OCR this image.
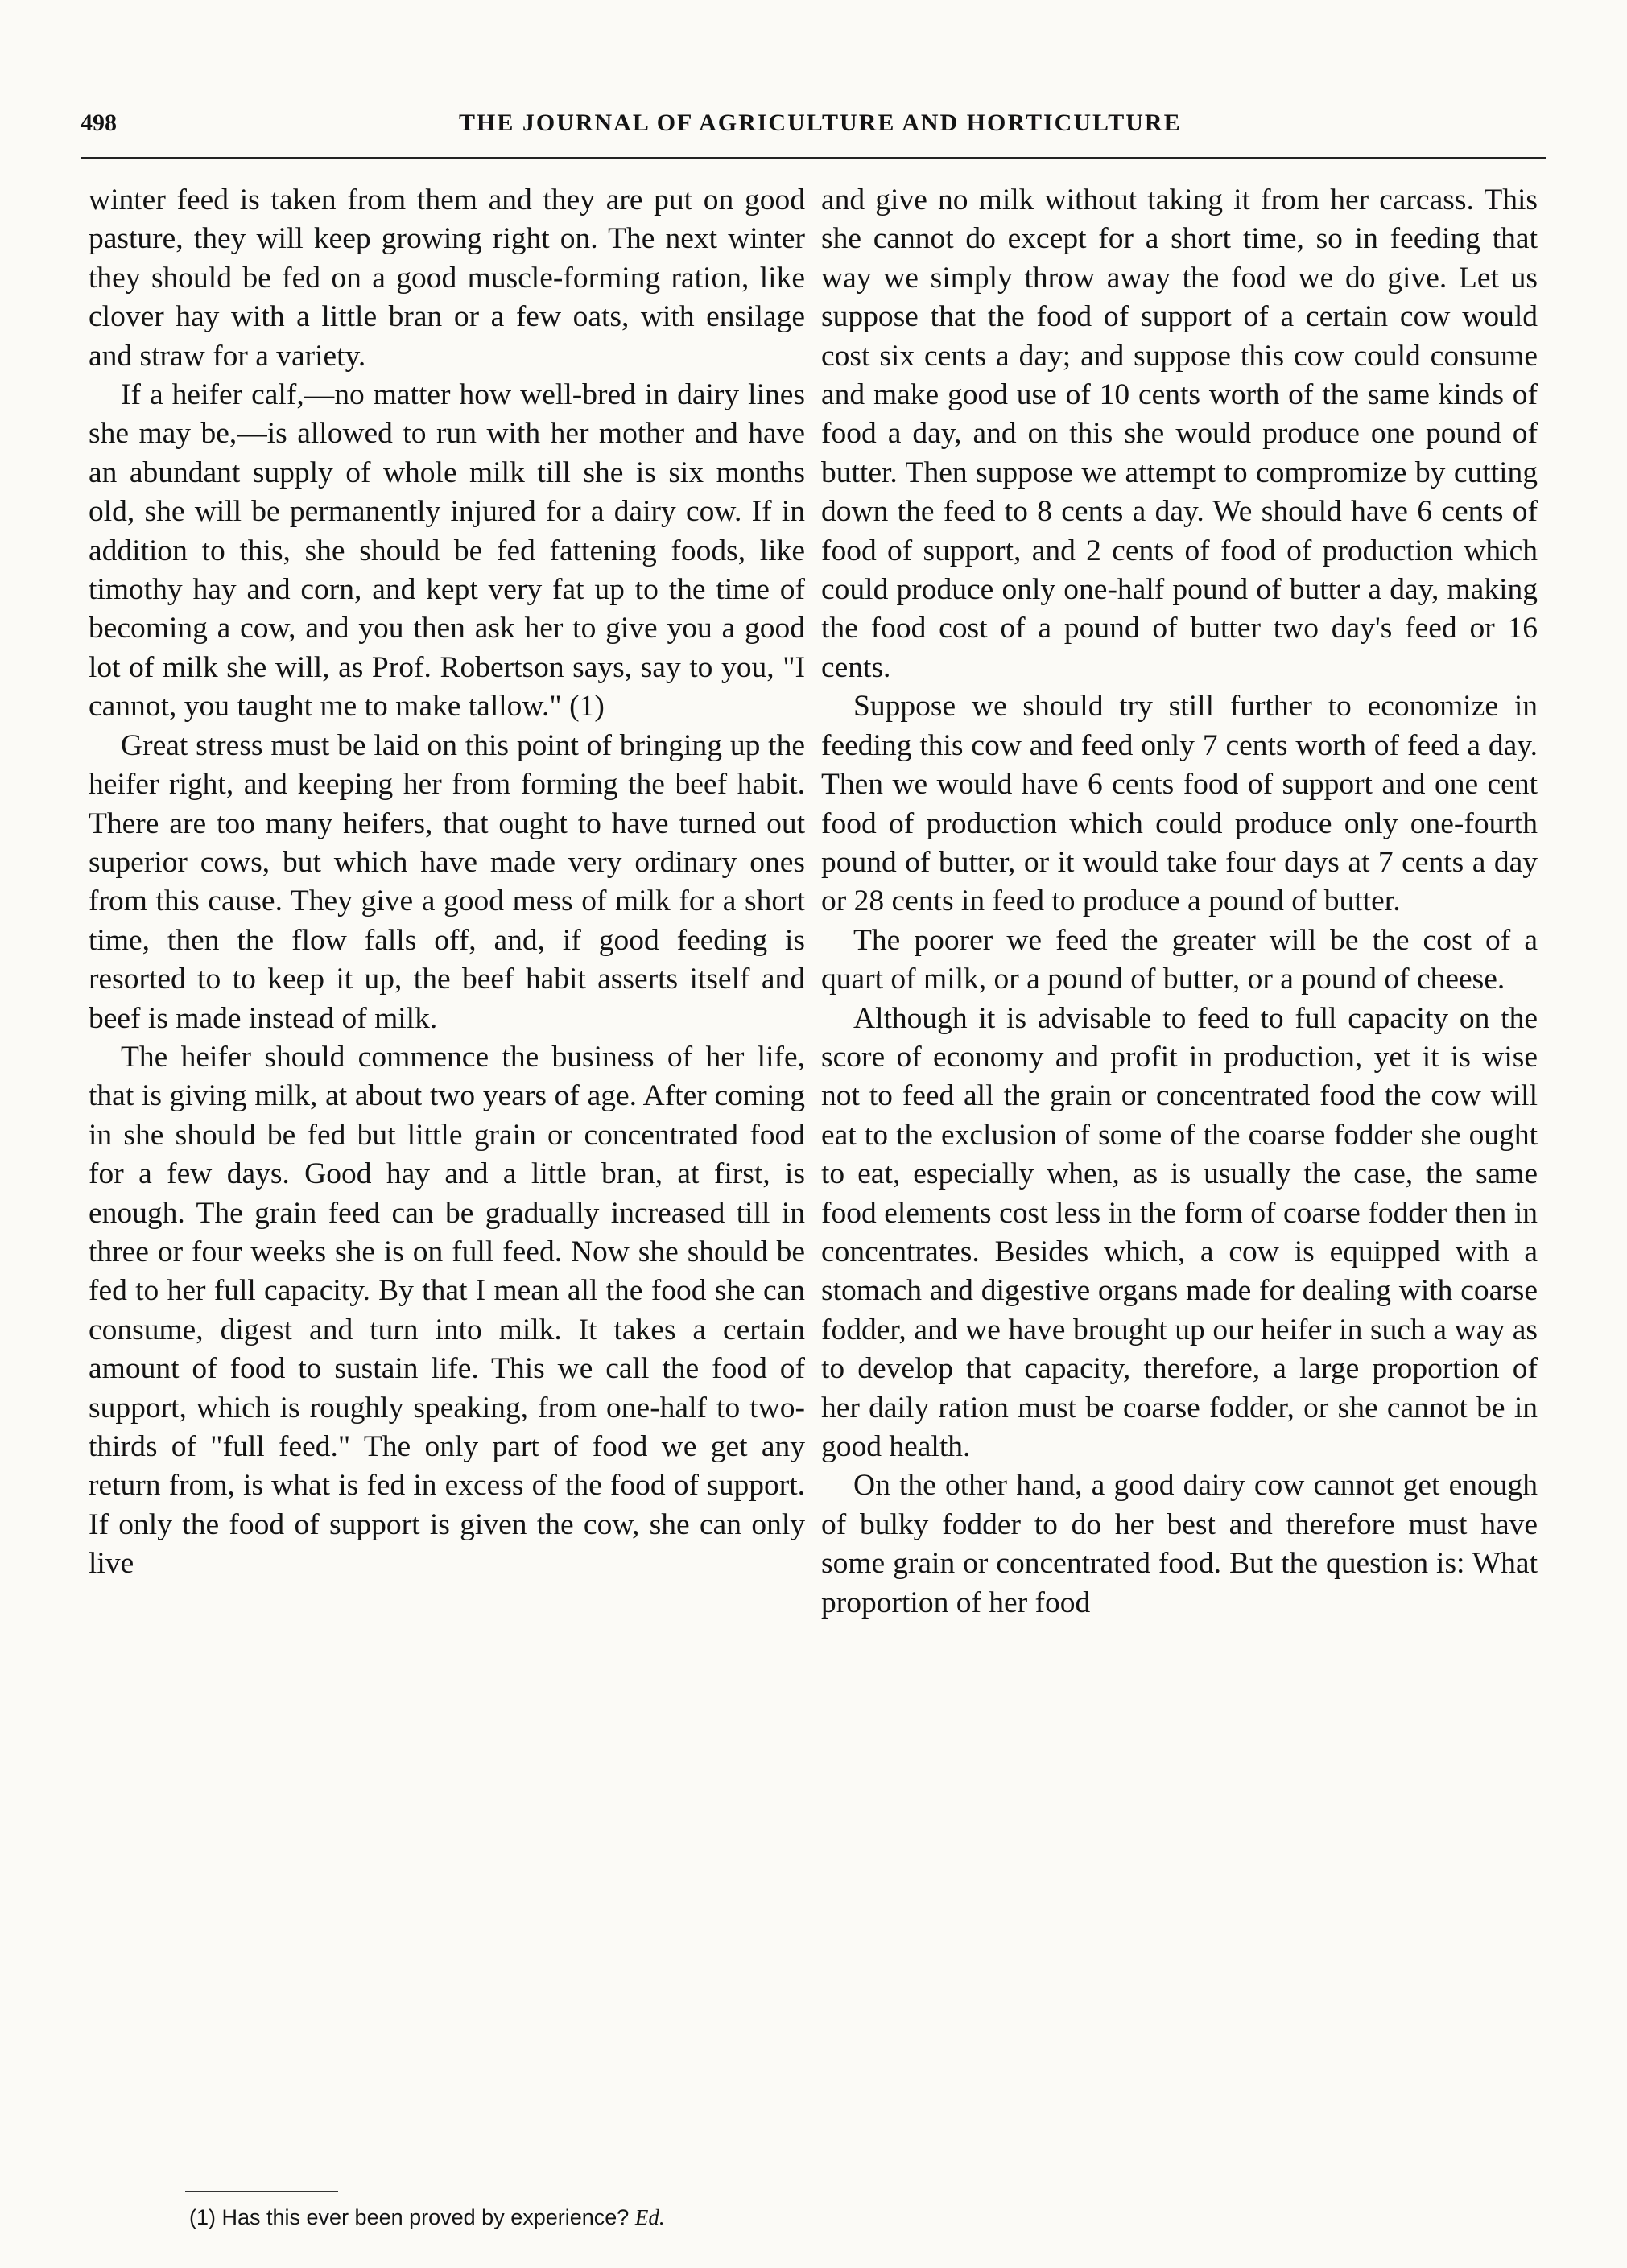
498	THE JOURNAL OF AGRICULTURE AND HORTICULTURE

winter feed is taken from them and they are put on good pasture, they will keep growing right on. The next winter they should be fed on a good muscle-forming ration, like clover hay with a little bran or a few oats, with ensilage and straw for a variety.

If a heifer calf,—no matter how well-bred in dairy lines she may be,—is allowed to run with her mother and have an abundant supply of whole milk till she is six months old, she will be permanently injured for a dairy cow. If in addition to this, she should be fed fattening foods, like timothy hay and corn, and kept very fat up to the time of becoming a cow, and you then ask her to give you a good lot of milk she will, as Prof. Robertson says, say to you, "I cannot, you taught me to make tallow." (1)

Great stress must be laid on this point of bringing up the heifer right, and keeping her from forming the beef habit. There are too many heifers, that ought to have turned out superior cows, but which have made very ordinary ones from this cause. They give a good mess of milk for a short time, then the flow falls off, and, if good feeding is resorted to to keep it up, the beef habit asserts itself and beef is made instead of milk.

The heifer should commence the business of her life, that is giving milk, at about two years of age. After coming in she should be fed but little grain or concentrated food for a few days. Good hay and a little bran, at first, is enough. The grain feed can be gradually increased till in three or four weeks she is on full feed. Now she should be fed to her full capacity. By that I mean all the food she can consume, digest and turn into milk. It takes a certain amount of food to sustain life. This we call the food of support, which is roughly speaking, from one-half to two-thirds of "full feed." The only part of food we get any return from, is what is fed in excess of the food of support. If only the food of support is given the cow, she can only live

and give no milk without taking it from her carcass. This she cannot do except for a short time, so in feeding that way we simply throw away the food we do give. Let us suppose that the food of support of a certain cow would cost six cents a day; and suppose this cow could consume and make good use of 10 cents worth of the same kinds of food a day, and on this she would produce one pound of butter. Then suppose we attempt to compromize by cutting down the feed to 8 cents a day. We should have 6 cents of food of support, and 2 cents of food of production which could produce only one-half pound of butter a day, making the food cost of a pound of butter two day's feed or 16 cents.

Suppose we should try still further to economize in feeding this cow and feed only 7 cents worth of feed a day. Then we would have 6 cents food of support and one cent food of production which could produce only one-fourth pound of butter, or it would take four days at 7 cents a day or 28 cents in feed to produce a pound of butter.

The poorer we feed the greater will be the cost of a quart of milk, or a pound of butter, or a pound of cheese.

Although it is advisable to feed to full capacity on the score of economy and profit in production, yet it is wise not to feed all the grain or concentrated food the cow will eat to the exclusion of some of the coarse fodder she ought to eat, especially when, as is usually the case, the same food elements cost less in the form of coarse fodder then in concentrates. Besides which, a cow is equipped with a stomach and digestive organs made for dealing with coarse fodder, and we have brought up our heifer in such a way as to develop that capacity, therefore, a large proportion of her daily ration must be coarse fodder, or she cannot be in good health.

On the other hand, a good dairy cow cannot get enough of bulky fodder to do her best and therefore must have some grain or concentrated food. But the question is: What proportion of her food

(1) Has this ever been proved by experience? Ed.
